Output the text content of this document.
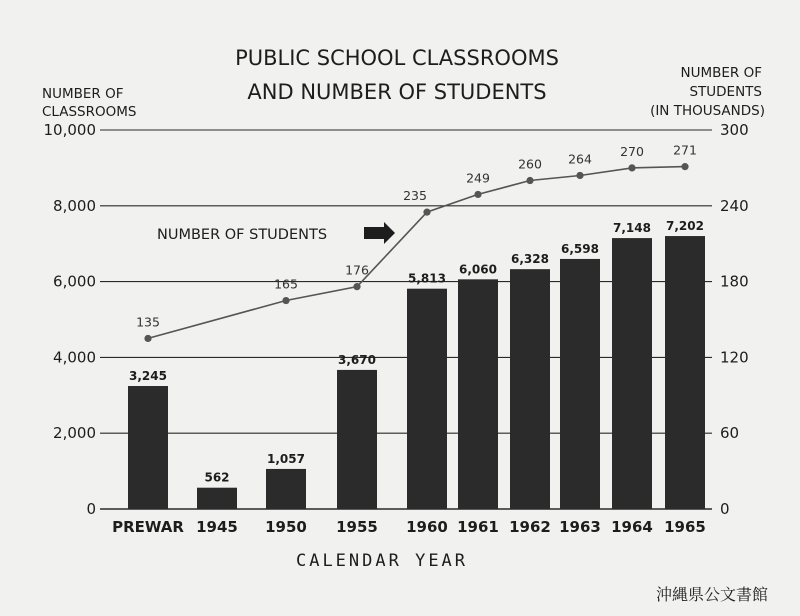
0	0
2,000	60
4,000	120
6,000	180
8,000	240
10,000	300
3,245
PREWAR
562
1945
1,057
1950
3,670
1955
5,813
1960
6,060
1961
6,328
1962
6,598
1963
7,148
1964
7,202
1965
135
165
176
235
249
260 264
270 271
PUBLIC SCHOOL CLASSROOMS
AND NUMBER OF STUDENTS
NUMBER OF
CLASSROOMS
NUMBER OF
STUDENTS
(IN THOUSANDS)
NUMBER OF STUDENTS
CALENDAR YEAR
沖縄県公文書館
